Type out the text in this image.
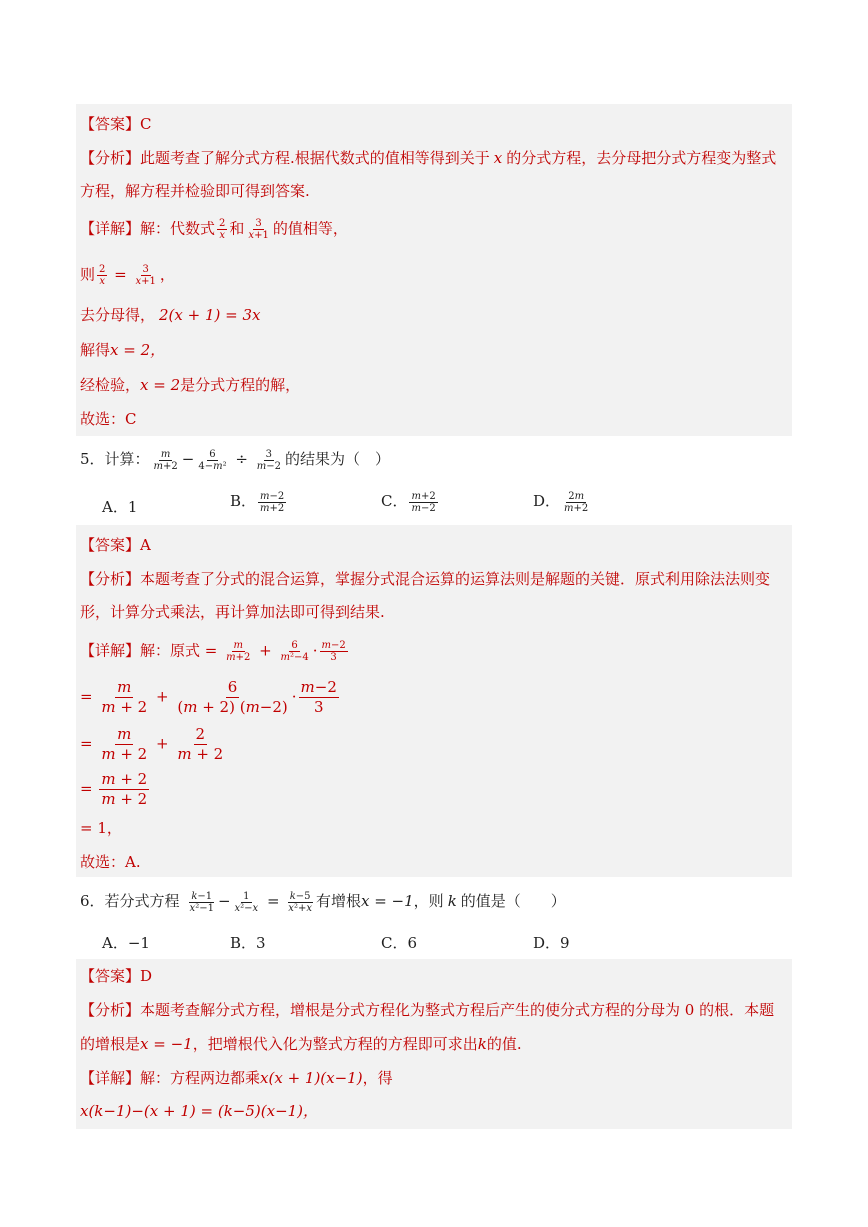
【答案】C
【分析】此题考查了解分式方程.根据代数式的值相等得到关于 x 的分式方程，去分母把分式方程变为整式
方程，解方程并检验即可得到答案.
【详解】解：代数式 $\frac{2}{x}$ 和 $\frac{3}{x+1}$ 的值相等，
则 $\frac{2}{x} = \frac{3}{x+1}$ ，
去分母得， 2(x + 1) = 3x
解得x = 2，
经检验，x = 2是分式方程的解，
故选：C
5．计算： $\frac{m}{m+2} - \frac{6}{\text{4−m²}} \div \frac{3}{m-2}$ 的结果为（　）
A．1	B． $\frac{m-2}{m+2}$	C． $\frac{m+2}{m-2}$	D． $\frac{2m}{m+2}$
【答案】A
【分析】本题考查了分式的混合运算，掌握分式混合运算的运算法则是解题的关键．原式利用除法法则变
形，计算分式乘法，再计算加法即可得到结果.
【详解】解：原式 = $\frac{m}{m+2} + \frac{6}{\text{m²−4}} \cdot \frac{m-2}{3}$
= $\frac{m}{m + 2} + \frac{6}{(m + 2) (m-2)} \cdot \frac{m-2}{3}$
= $\frac{m}{m + 2} + \frac{2}{m + 2}$
= $\frac{m + 2}{m + 2}$
= 1，
故选：A.
6．若分式方程 $\frac{k-1}{\text{x²−1}} - \frac{1}{\text{x²−x}} = \frac{k-5}{\text{x²+x}}$ 有增根x = −1，则 k 的值是（　　）
A．−1	B．3	C．6	D．9
【答案】D
【分析】本题考查解分式方程，增根是分式方程化为整式方程后产生的使分式方程的分母为 0 的根．本题
的增根是x = −1，把增根代入化为整式方程的方程即可求出k的值.
【详解】解：方程两边都乘x(x + 1)(x−1)，得
x(k−1)−(x + 1) = (k−5)(x−1)，
